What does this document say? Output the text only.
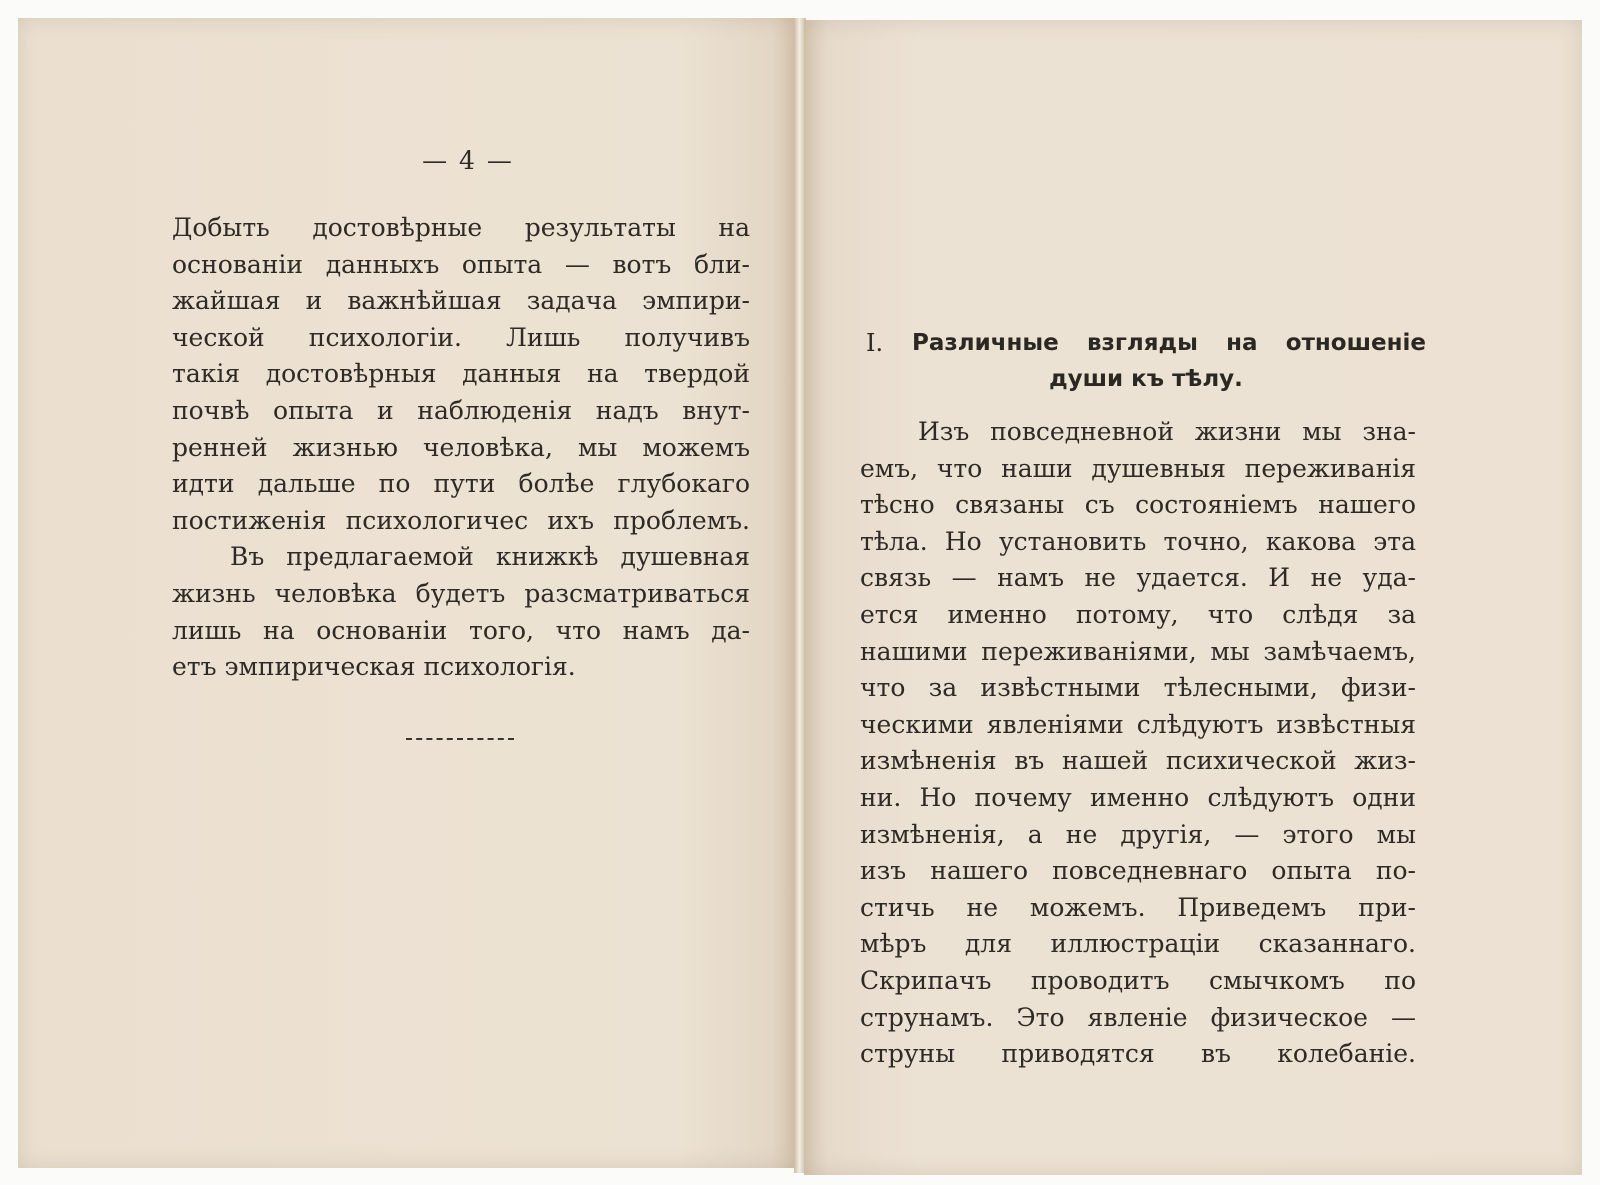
— 4 —
Добыть достовѣрные результаты на
основанiи данныхъ опыта — вотъ бли-
жайшая и важнѣйшая задача эмпири-
ческой психологiи. Лишь получивъ
такiя достовѣрныя данныя на твердой
почвѣ опыта и наблюденiя надъ внут-
ренней жизнью человѣка, мы можемъ
идти дальше по пути болѣе глубокаго
постиженiя психологичес ихъ проблемъ.
Въ предлагаемой книжкѣ душевная
жизнь человѣка будетъ разсматриваться
лишь на основанiи того, что намъ да-
етъ эмпирическая психологiя.
I. Различные взгляды на отношенiе
души къ тѣлу.
Изъ повседневной жизни мы зна-
емъ, что наши душевныя переживанiя
тѣсно связаны съ состоянiемъ нашего
тѣла. Но установить точно, какова эта
связь — намъ не удается. И не уда-
ется именно потому, что слѣдя за
нашими переживанiями, мы замѣчаемъ,
что за извѣстными тѣлесными, физи-
ческими явленiями слѣдуютъ извѣстныя
измѣненiя въ нашей психической жиз-
ни. Но почему именно слѣдуютъ одни
измѣненiя, а не другiя, — этого мы
изъ нашего повседневнаго опыта по-
стичь не можемъ. Приведемъ при-
мѣръ для иллюстрацiи сказаннаго.
Скрипачъ проводитъ смычкомъ по
струнамъ. Это явленiе физическое —
струны приводятся въ колебанiе.
